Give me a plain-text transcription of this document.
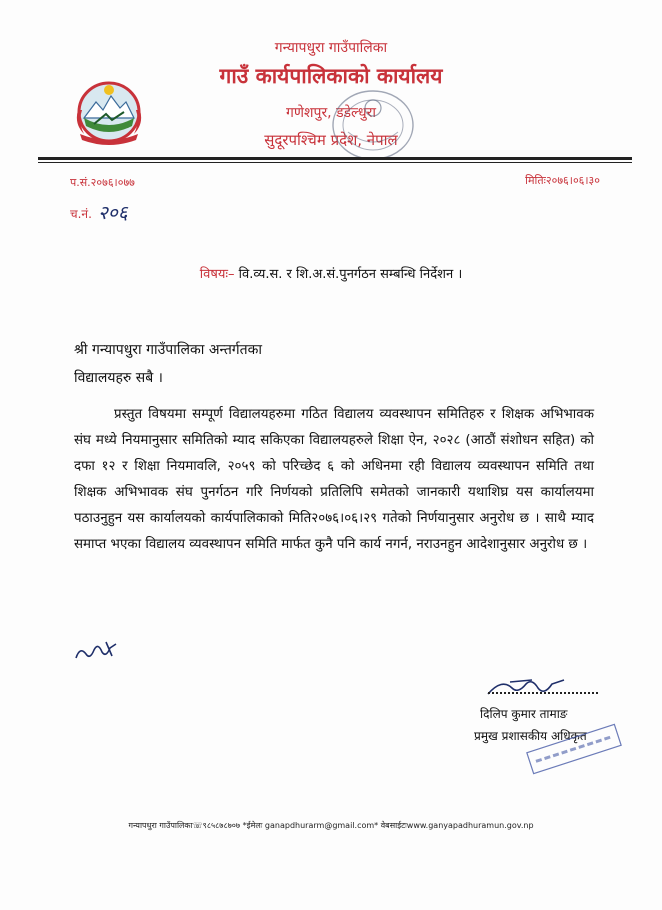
गन्यापधुरा गाउँपालिका
गाउँ कार्यपालिकाको कार्यालय
गणेशपुर, डडेल्धुरा
सुदूरपश्चिम प्रदेश, नेपाल
प.सं.२०७६।०७७	मितिः२०७६।०६।३०
च.नं. २०६
विषयः– वि.व्य.स. र शि.अ.सं.पुनर्गठन सम्बन्धि निर्देशन ।
श्री गन्यापधुरा गाउँपालिका अन्तर्गतका
विद्यालयहरु सबै ।
प्रस्तुत विषयमा सम्पूर्ण विद्यालयहरुमा गठित विद्यालय व्यवस्थापन समितिहरु र शिक्षक अभिभावक संघ मध्ये नियमानुसार समितिको म्याद सकिएका विद्यालयहरुले शिक्षा ऐन, २०२८ (आठौं संशोधन सहित) को दफा १२ र शिक्षा नियमावलि, २०५९ को परिच्छेद ६ को अधिनमा रही विद्यालय व्यवस्थापन समिति तथा शिक्षक अभिभावक संघ पुनर्गठन गरि निर्णयको प्रतिलिपि समेतको जानकारी यथाशिघ्र यस कार्यालयमा पठाउनुहुन यस कार्यालयको कार्यपालिकाको मिति२०७६।०६।२९ गतेको निर्णयानुसार अनुरोध छ । साथै म्याद समाप्त भएका विद्यालय व्यवस्थापन समिति मार्फत कुनै पनि कार्य नगर्न, नराउनहुन आदेशानुसार अनुरोध छ ।
दिलिप कुमार तामाङ
प्रमुख प्रशासकीय अधिकृत
गन्यापधुरा गाउँपालिका☏९८५८७८७०७ *ईमेलः ganapdhurarm@gmail.com* वेबसाईटःwww.ganyapadhuramun.gov.np
